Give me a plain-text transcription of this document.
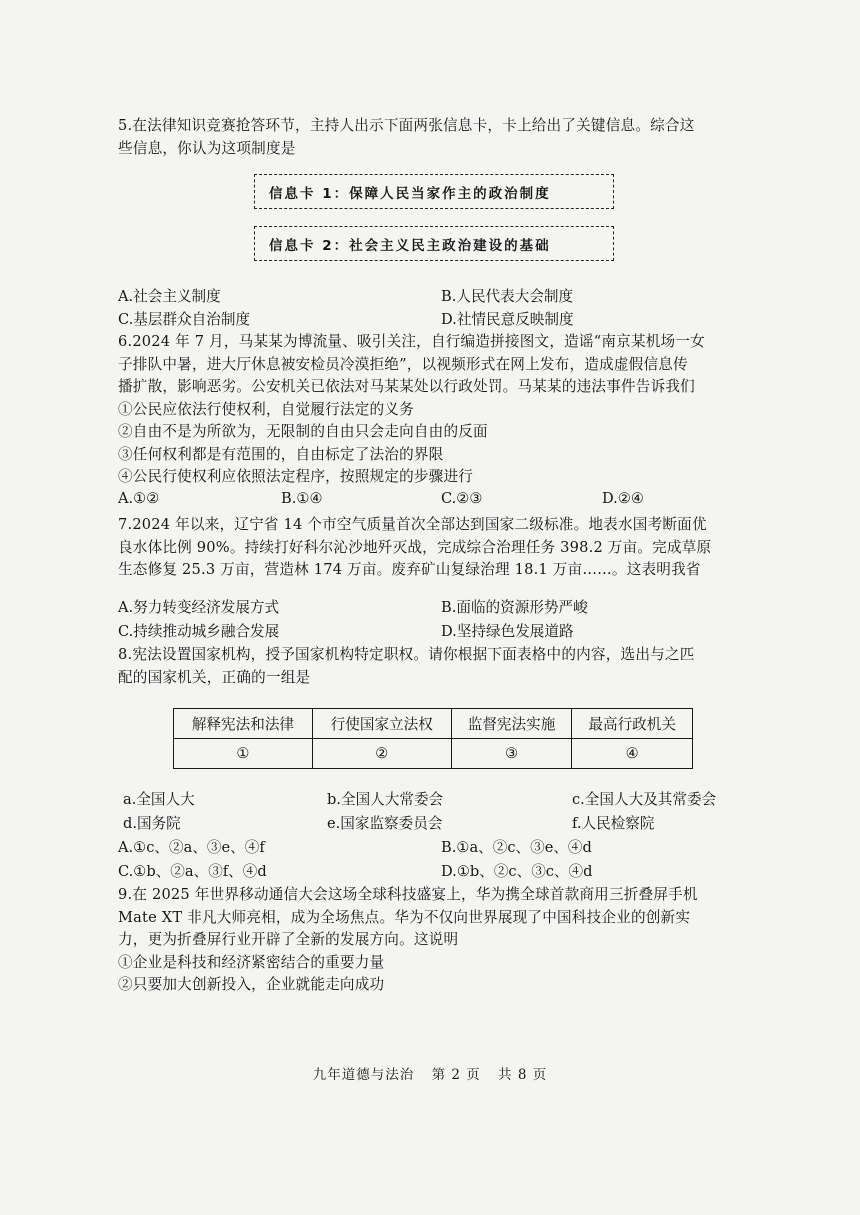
5.在法律知识竞赛抢答环节，主持人出示下面两张信息卡，卡上给出了关键信息。综合这
些信息，你认为这项制度是
信息卡 1：保障人民当家作主的政治制度
信息卡 2：社会主义民主政治建设的基础
A.社会主义制度	B.人民代表大会制度
C.基层群众自治制度	D.社情民意反映制度
6.2024 年 7 月，马某某为博流量、吸引关注，自行编造拼接图文，造谣“南京某机场一女
子排队中暑，进大厅休息被安检员冷漠拒绝”，以视频形式在网上发布，造成虚假信息传
播扩散，影响恶劣。公安机关已依法对马某某处以行政处罚。马某某的违法事件告诉我们
①公民应依法行使权利，自觉履行法定的义务
②自由不是为所欲为，无限制的自由只会走向自由的反面
③任何权利都是有范围的，自由标定了法治的界限
④公民行使权利应依照法定程序，按照规定的步骤进行
A.①②	B.①④	C.②③	D.②④
7.2024 年以来，辽宁省 14 个市空气质量首次全部达到国家二级标准。地表水国考断面优
良水体比例 90%。持续打好科尔沁沙地歼灭战，完成综合治理任务 398.2 万亩。完成草原
生态修复 25.3 万亩，营造林 174 万亩。废弃矿山复绿治理 18.1 万亩……。这表明我省
A.努力转变经济发展方式	B.面临的资源形势严峻
C.持续推动城乡融合发展	D.坚持绿色发展道路
8.宪法设置国家机构，授予国家机构特定职权。请你根据下面表格中的内容，选出与之匹
配的国家机关，正确的一组是
解释宪法和法律	行使国家立法权	监督宪法实施	最高行政机关
①	②	③	④
a.全国人大	b.全国人大常委会	c.全国人大及其常委会
d.国务院	e.国家监察委员会	f.人民检察院
A.①c、②a、③e、④f	B.①a、②c、③e、④d
C.①b、②a、③f、④d	D.①b、②c、③c、④d
9.在 2025 年世界移动通信大会这场全球科技盛宴上，华为携全球首款商用三折叠屏手机
Mate XT 非凡大师亮相，成为全场焦点。华为不仅向世界展现了中国科技企业的创新实
力，更为折叠屏行业开辟了全新的发展方向。这说明
①企业是科技和经济紧密结合的重要力量
②只要加大创新投入，企业就能走向成功
九年道德与法治 第 2 页 共 8 页
